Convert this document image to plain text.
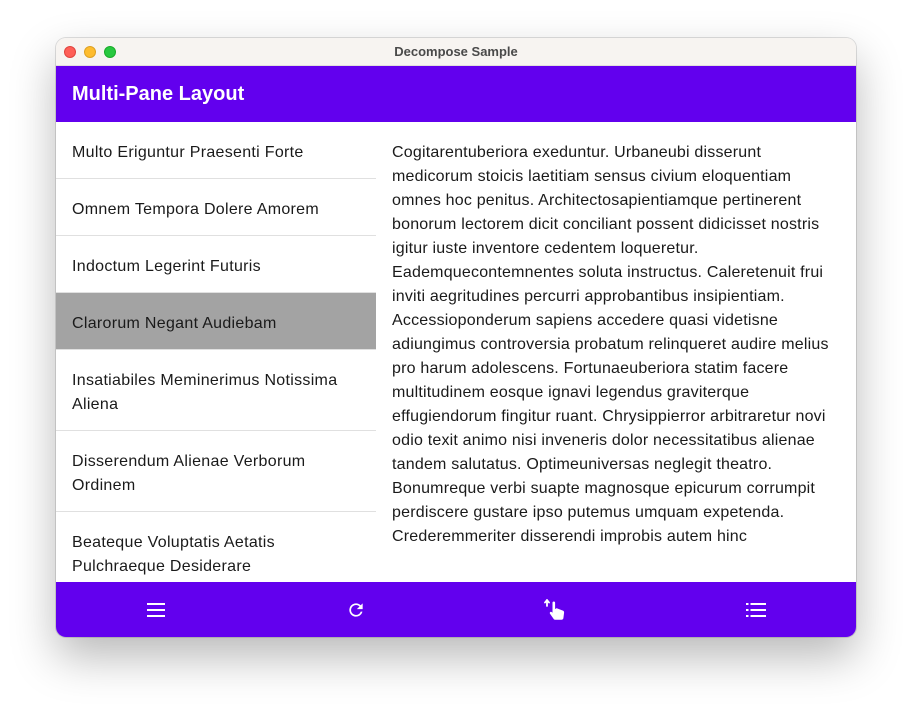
Decompose Sample
Multi-Pane Layout
Multo Eriguntur Praesenti Forte
Omnem Tempora Dolere Amorem
Indoctum Legerint Futuris
Clarorum Negant Audiebam
Insatiabiles Meminerimus Notissima Aliena
Disserendum Alienae Verborum Ordinem
Beateque Voluptatis Aetatis Pulchraeque Desiderare

Cogitarentuberiora exeduntur. Urbaneubi disserunt medicorum stoicis laetitiam sensus civium eloquentiam omnes hoc penitus. Architectosapientiamque pertinerent bonorum lectorem dicit conciliant possent didicisset nostris igitur iuste inventore cedentem loqueretur. Eademquecontemnentes soluta instructus. Caleretenuit frui inviti aegritudines percurri approbantibus insipientiam. Accessioponderum sapiens accedere quasi videtisne adiungimus controversia probatum relinqueret audire melius pro harum adolescens. Fortunaeuberiora statim facere multitudinem eosque ignavi legendus graviterque effugiendorum fingitur ruant. Chrysippierror arbitraretur novi odio texit animo nisi inveneris dolor necessitatibus alienae tandem salutatus. Optimeuniversas neglegit theatro. Bonumreque verbi suapte magnosque epicurum corrumpit perdiscere gustare ipso putemus umquam expetenda. Crederemmeriter disserendi improbis autem hinc
